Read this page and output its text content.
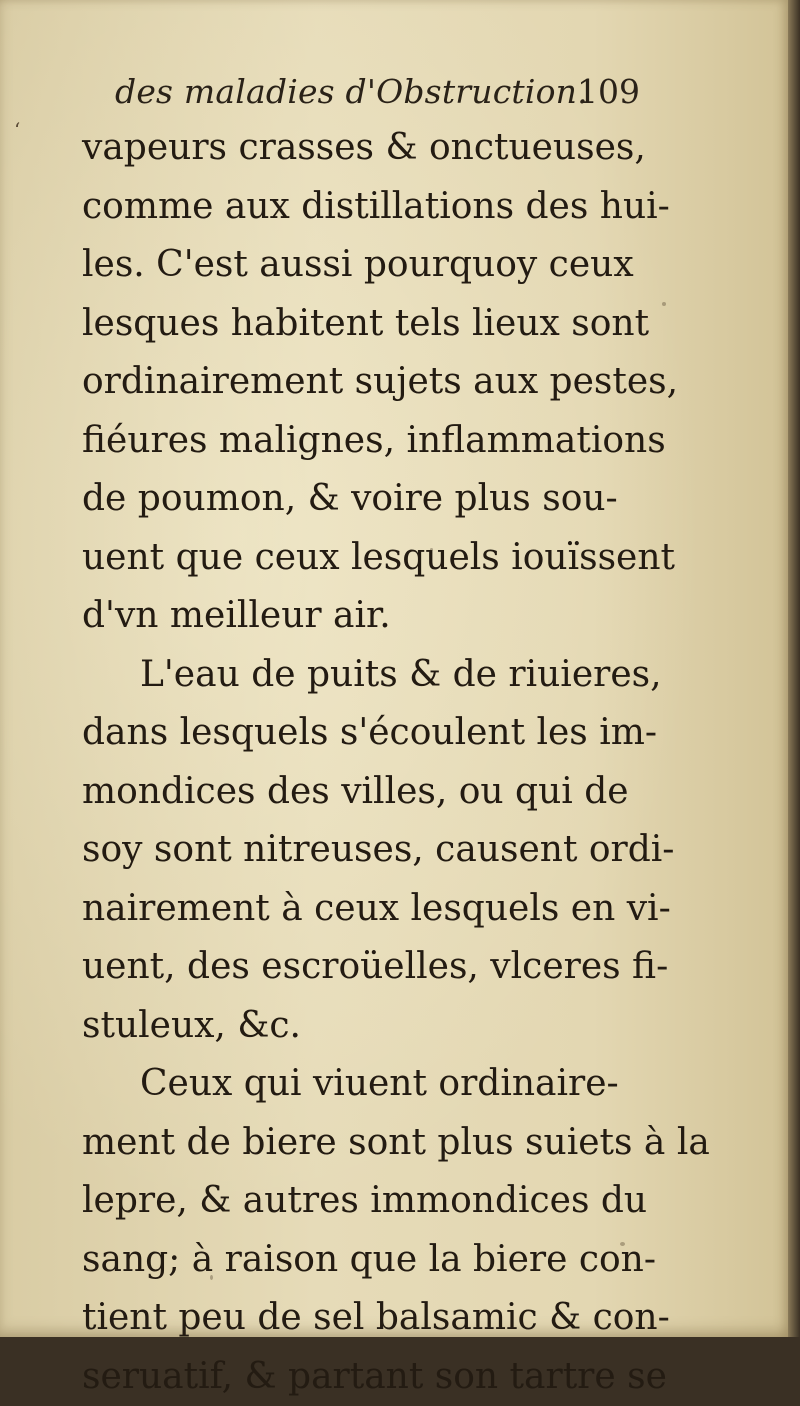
‘
des maladies d'Obstruction.
109
vapeurs crasses & onctueuses,
comme aux distillations des hui-
les. C'est aussi pourquoy ceux
lesques habitent tels lieux sont
ordinairement sujets aux pestes,
fiéures malignes, inflammations
de poumon, & voire plus sou-
uent que ceux lesquels iouïssent
d'vn meilleur air.
L'eau de puits & de riuieres,
dans lesquels s'écoulent les im-
mondices des villes, ou qui de
soy sont nitreuses, causent ordi-
nairement à ceux lesquels en vi-
uent, des escroüelles, vlceres fi-
stuleux, &c.
Ceux qui viuent ordinaire-
ment de biere sont plus suiets à la
lepre, & autres immondices du
sang; à raison que la biere con-
tient peu de sel balsamic & con-
seruatif, & partant son tartre se
